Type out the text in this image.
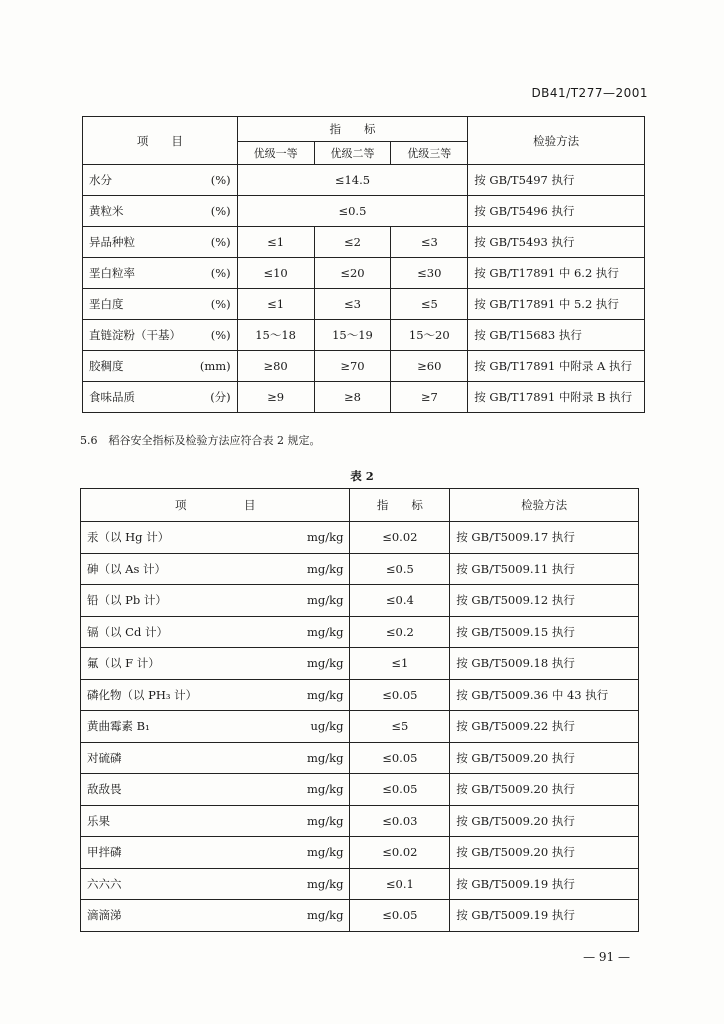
DB41/T277—2001
项　　目	指　　标			检验方法
	优级一等	优级二等	优级三等	

水分 (%)	≤14.5			按 GB/T5497 执行

黄粒米 (%)	≤0.5			按 GB/T5496 执行

异品种粒 (%)	≤1	≤2	≤3	按 GB/T5493 执行

垩白粒率 (%)	≤10	≤20	≤30	按 GB/T17891 中 6.2 执行

垩白度 (%)	≤1	≤3	≤5	按 GB/T17891 中 5.2 执行

直链淀粉（干基） (%)	15～18	15～19	15～20	按 GB/T15683 执行

胶稠度 (mm)	≥80	≥70	≥60	按 GB/T17891 中附录 A 执行

食味品质 (分)	≥9	≥8	≥7	按 GB/T17891 中附录 B 执行
5.6　稻谷安全指标及检验方法应符合表 2 规定。
表 2
项　　　　　目	指　　标	检验方法

汞（以 Hg 计） mg/kg	≤0.02	按 GB/T5009.17 执行

砷（以 As 计） mg/kg	≤0.5	按 GB/T5009.11 执行

铅（以 Pb 计） mg/kg	≤0.4	按 GB/T5009.12 执行

镉（以 Cd 计） mg/kg	≤0.2	按 GB/T5009.15 执行

氟（以 F 计） mg/kg	≤1	按 GB/T5009.18 执行

磷化物（以 PH₃ 计） mg/kg	≤0.05	按 GB/T5009.36 中 43 执行

黄曲霉素 B₁ ug/kg	≤5	按 GB/T5009.22 执行

对硫磷 mg/kg	≤0.05	按 GB/T5009.20 执行

敌敌畏 mg/kg	≤0.05	按 GB/T5009.20 执行

乐果 mg/kg	≤0.03	按 GB/T5009.20 执行

甲拌磷 mg/kg	≤0.02	按 GB/T5009.20 执行

六六六 mg/kg	≤0.1	按 GB/T5009.19 执行

滴滴涕 mg/kg	≤0.05	按 GB/T5009.19 执行
— 91 —
